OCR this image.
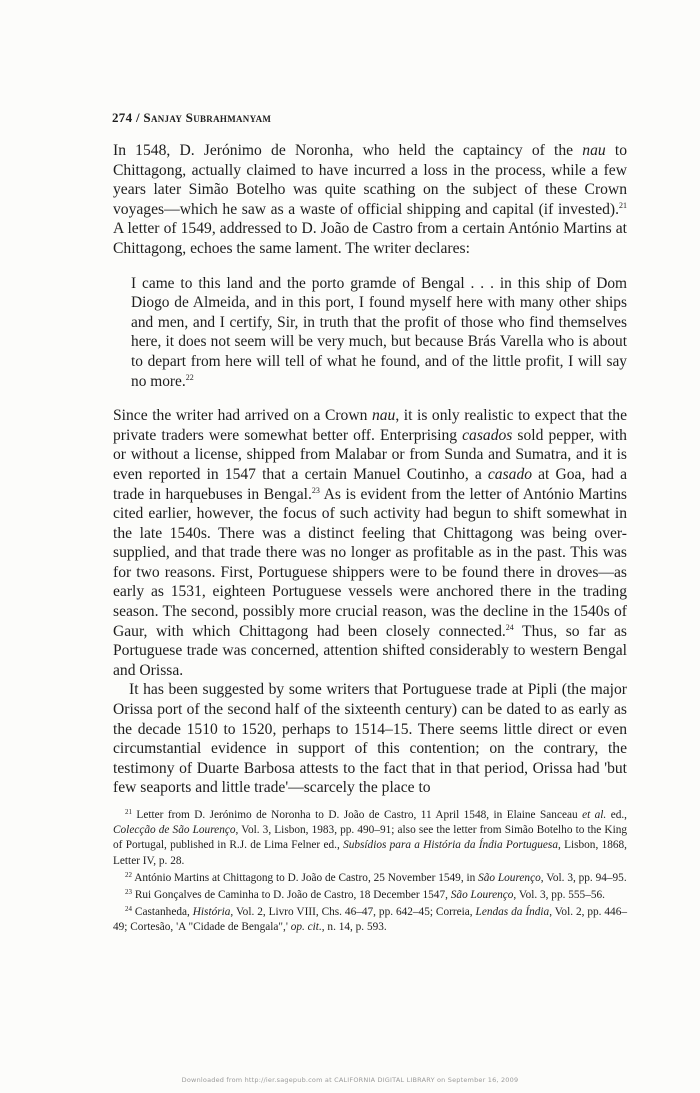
274 / Sanjay Subrahmanyam

In 1548, D. Jerónimo de Noronha, who held the captaincy of the nau to Chittagong, actually claimed to have incurred a loss in the process, while a few years later Simão Botelho was quite scathing on the subject of these Crown voyages—which he saw as a waste of official shipping and capital (if invested).$^{21}$ A letter of 1549, addressed to D. João de Castro from a certain António Martins at Chittagong, echoes the same lament. The writer declares:

I came to this land and the porto gramde of Bengal . . . in this ship of Dom Diogo de Almeida, and in this port, I found myself here with many other ships and men, and I certify, Sir, in truth that the profit of those who find themselves here, it does not seem will be very much, but because Brás Varella who is about to depart from here will tell of what he found, and of the little profit, I will say no more.$^{22}$

Since the writer had arrived on a Crown nau, it is only realistic to expect that the private traders were somewhat better off. Enterprising casados sold pepper, with or without a license, shipped from Malabar or from Sunda and Sumatra, and it is even reported in 1547 that a certain Manuel Coutinho, a casado at Goa, had a trade in harquebuses in Bengal.$^{23}$ As is evident from the letter of António Martins cited earlier, however, the focus of such activity had begun to shift somewhat in the late 1540s. There was a distinct feeling that Chittagong was being over-supplied, and that trade there was no longer as profitable as in the past. This was for two reasons. First, Portuguese shippers were to be found there in droves—as early as 1531, eighteen Portuguese vessels were anchored there in the trading season. The second, possibly more crucial reason, was the decline in the 1540s of Gaur, with which Chittagong had been closely connected.$^{24}$ Thus, so far as Portuguese trade was concerned, attention shifted considerably to western Bengal and Orissa.

It has been suggested by some writers that Portuguese trade at Pipli (the major Orissa port of the second half of the sixteenth century) can be dated to as early as the decade 1510 to 1520, perhaps to 1514–15. There seems little direct or even circumstantial evidence in support of this contention; on the contrary, the testimony of Duarte Barbosa attests to the fact that in that period, Orissa had 'but few seaports and little trade'—scarcely the place to

$^{21}$ Letter from D. Jerónimo de Noronha to D. João de Castro, 11 April 1548, in Elaine Sanceau et al. ed., Colecção de São Lourenço, Vol. 3, Lisbon, 1983, pp. 490–91; also see the letter from Simão Botelho to the King of Portugal, published in R.J. de Lima Felner ed., Subsídios para a História da Índia Portuguesa, Lisbon, 1868, Letter IV, p. 28.

$^{22}$ António Martins at Chittagong to D. João de Castro, 25 November 1549, in São Lourenço, Vol. 3, pp. 94–95.

$^{23}$ Rui Gonçalves de Caminha to D. João de Castro, 18 December 1547, São Lourenço, Vol. 3, pp. 555–56.

$^{24}$ Castanheda, História, Vol. 2, Livro VIII, Chs. 46–47, pp. 642–45; Correia, Lendas da Índia, Vol. 2, pp. 446–49; Cortesão, 'A "Cidade de Bengala",' op. cit., n. 14, p. 593.

Downloaded from http://ier.sagepub.com at CALIFORNIA DIGITAL LIBRARY on September 16, 2009
